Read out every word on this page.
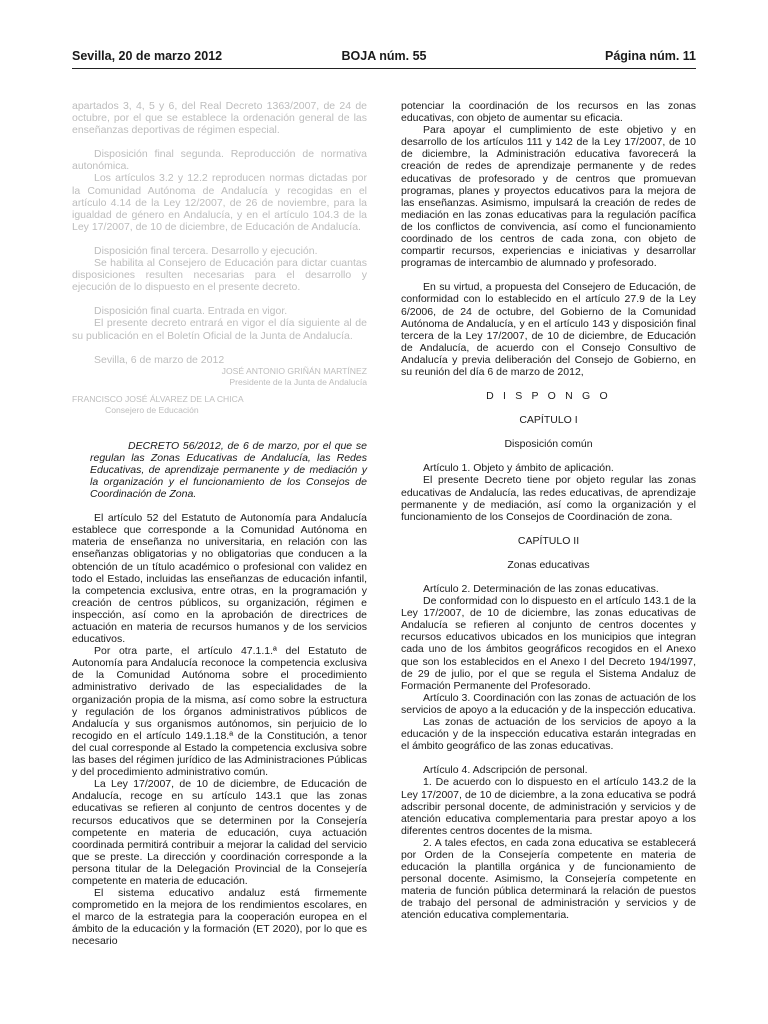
Sevilla, 20 de marzo 2012	BOJA núm. 55	Página núm. 11

apartados 3, 4, 5 y 6, del Real Decreto 1363/2007, de 24 de octubre, por el que se establece la ordenación general de las enseñanzas deportivas de régimen especial.

Disposición final segunda. Reproducción de normativa autonómica.

Los artículos 3.2 y 12.2 reproducen normas dictadas por la Comunidad Autónoma de Andalucía y recogidas en el artículo 4.14 de la Ley 12/2007, de 26 de noviembre, para la igualdad de género en Andalucía, y en el artículo 104.3 de la Ley 17/2007, de 10 de diciembre, de Educación de Andalucía.

Disposición final tercera. Desarrollo y ejecución.

Se habilita al Consejero de Educación para dictar cuantas disposiciones resulten necesarias para el desarrollo y ejecución de lo dispuesto en el presente decreto.

Disposición final cuarta. Entrada en vigor.

El presente decreto entrará en vigor el día siguiente al de su publicación en el Boletín Oficial de la Junta de Andalucía.

Sevilla, 6 de marzo de 2012

JOSÉ ANTONIO GRIÑÁN MARTÍNEZ

Presidente de la Junta de Andalucía

FRANCISCO JOSÉ ÁLVAREZ DE LA CHICA

Consejero de Educación

DECRETO 56/2012, de 6 de marzo, por el que se regulan las Zonas Educativas de Andalucía, las Redes Educativas, de aprendizaje permanente y de mediación y la organización y el funcionamiento de los Consejos de Coordinación de Zona.

El artículo 52 del Estatuto de Autonomía para Andalucía establece que corresponde a la Comunidad Autónoma en materia de enseñanza no universitaria, en relación con las enseñanzas obligatorias y no obligatorias que conducen a la obtención de un título académico o profesional con validez en todo el Estado, incluidas las enseñanzas de educación infantil, la competencia exclusiva, entre otras, en la programación y creación de centros públicos, su organización, régimen e inspección, así como en la aprobación de directrices de actuación en materia de recursos humanos y de los servicios educativos.

Por otra parte, el artículo 47.1.1.ª del Estatuto de Autonomía para Andalucía reconoce la competencia exclusiva de la Comunidad Autónoma sobre el procedimiento administrativo derivado de las especialidades de la organización propia de la misma, así como sobre la estructura y regulación de los órganos administrativos públicos de Andalucía y sus organismos autónomos, sin perjuicio de lo recogido en el artículo 149.1.18.ª de la Constitución, a tenor del cual corresponde al Estado la competencia exclusiva sobre las bases del régimen jurídico de las Administraciones Públicas y del procedimiento administrativo común.

La Ley 17/2007, de 10 de diciembre, de Educación de Andalucía, recoge en su artículo 143.1 que las zonas educativas se refieren al conjunto de centros docentes y de recursos educativos que se determinen por la Consejería competente en materia de educación, cuya actuación coordinada permitirá contribuir a mejorar la calidad del servicio que se preste. La dirección y coordinación corresponde a la persona titular de la Delegación Provincial de la Consejería competente en materia de educación.

El sistema educativo andaluz está firmemente comprometido en la mejora de los rendimientos escolares, en el marco de la estrategia para la cooperación europea en el ámbito de la educación y la formación (ET 2020), por lo que es necesario

potenciar la coordinación de los recursos en las zonas educativas, con objeto de aumentar su eficacia.

Para apoyar el cumplimiento de este objetivo y en desarrollo de los artículos 111 y 142 de la Ley 17/2007, de 10 de diciembre, la Administración educativa favorecerá la creación de redes de aprendizaje permanente y de redes educativas de profesorado y de centros que promuevan programas, planes y proyectos educativos para la mejora de las enseñanzas. Asimismo, impulsará la creación de redes de mediación en las zonas educativas para la regulación pacífica de los conflictos de convivencia, así como el funcionamiento coordinado de los centros de cada zona, con objeto de compartir recursos, experiencias e iniciativas y desarrollar programas de intercambio de alumnado y profesorado.

En su virtud, a propuesta del Consejero de Educación, de conformidad con lo establecido en el artículo 27.9 de la Ley 6/2006, de 24 de octubre, del Gobierno de la Comunidad Autónoma de Andalucía, y en el artículo 143 y disposición final tercera de la Ley 17/2007, de 10 de diciembre, de Educación de Andalucía, de acuerdo con el Consejo Consultivo de Andalucía y previa deliberación del Consejo de Gobierno, en su reunión del día 6 de marzo de 2012,

D I S P O N G O

CAPÍTULO I

Disposición común

Artículo 1. Objeto y ámbito de aplicación.

El presente Decreto tiene por objeto regular las zonas educativas de Andalucía, las redes educativas, de aprendizaje permanente y de mediación, así como la organización y el funcionamiento de los Consejos de Coordinación de zona.

CAPÍTULO II

Zonas educativas

Artículo 2. Determinación de las zonas educativas.

De conformidad con lo dispuesto en el artículo 143.1 de la Ley 17/2007, de 10 de diciembre, las zonas educativas de Andalucía se refieren al conjunto de centros docentes y recursos educativos ubicados en los municipios que integran cada uno de los ámbitos geográficos recogidos en el Anexo que son los establecidos en el Anexo I del Decreto 194/1997, de 29 de julio, por el que se regula el Sistema Andaluz de Formación Permanente del Profesorado.

Artículo 3. Coordinación con las zonas de actuación de los servicios de apoyo a la educación y de la inspección educativa.

Las zonas de actuación de los servicios de apoyo a la educación y de la inspección educativa estarán integradas en el ámbito geográfico de las zonas educativas.

Artículo 4. Adscripción de personal.

1. De acuerdo con lo dispuesto en el artículo 143.2 de la Ley 17/2007, de 10 de diciembre, a la zona educativa se podrá adscribir personal docente, de administración y servicios y de atención educativa complementaria para prestar apoyo a los diferentes centros docentes de la misma.

2. A tales efectos, en cada zona educativa se establecerá por Orden de la Consejería competente en materia de educación la plantilla orgánica y de funcionamiento de personal docente. Asimismo, la Consejería competente en materia de función pública determinará la relación de puestos de trabajo del personal de administración y servicios y de atención educativa complementaria.
